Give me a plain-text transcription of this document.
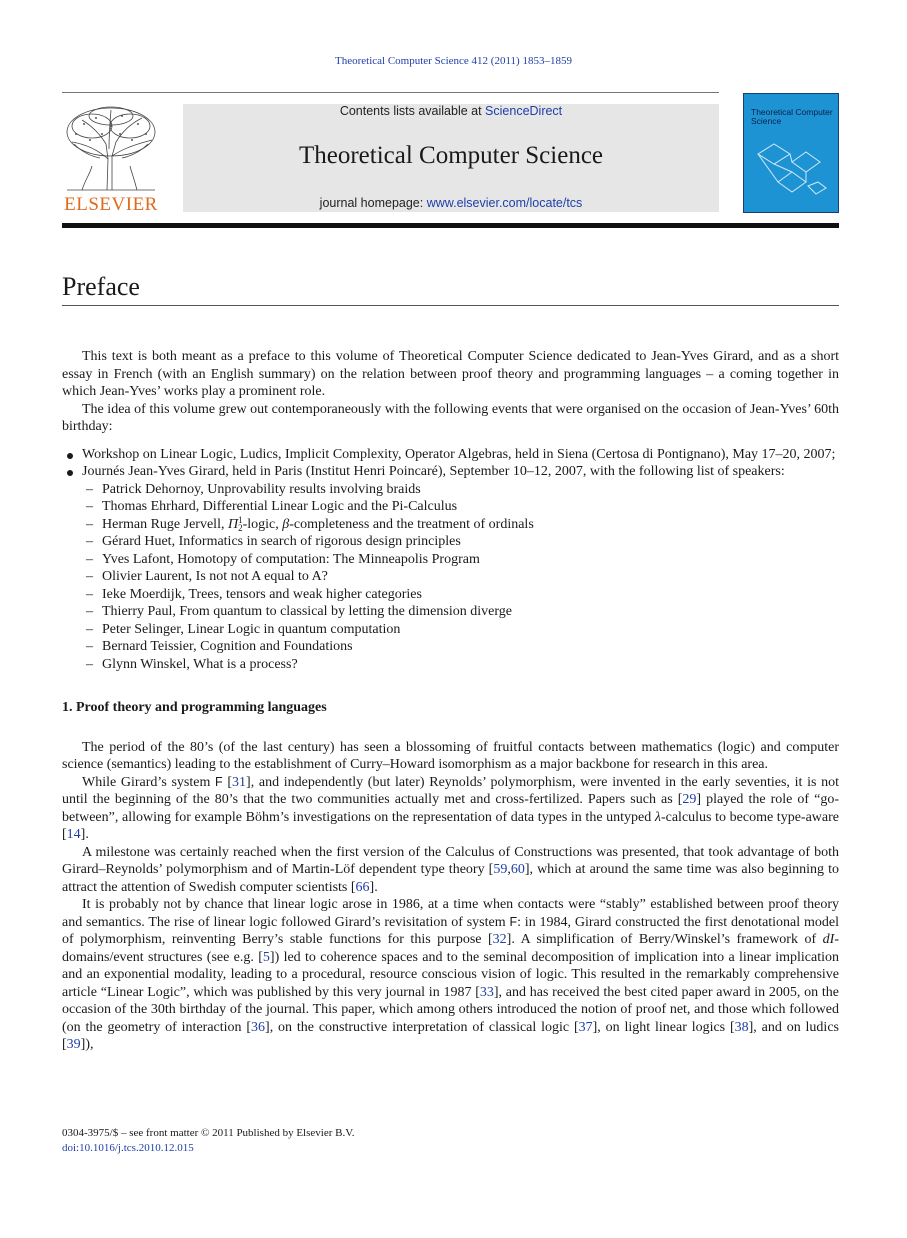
Theoretical Computer Science 412 (2011) 1853–1859
ELSEVIER
Contents lists available at ScienceDirect
Theoretical Computer Science
journal homepage: www.elsevier.com/locate/tcs

Theoretical Computer Science
Preface

This text is both meant as a preface to this volume of Theoretical Computer Science dedicated to Jean-Yves Girard, and as a short essay in French (with an English summary) on the relation between proof theory and programming languages – a coming together in which Jean-Yves’ works play a prominent role.

The idea of this volume grew out contemporaneously with the following events that were organised on the occasion of Jean-Yves’ 60th birthday:

Workshop on Linear Logic, Ludics, Implicit Complexity, Operator Algebras, held in Siena (Certosa di Pontignano), May 17–20, 2007;
Journés Jean-Yves Girard, held in Paris (Institut Henri Poincaré), September 10–12, 2007, with the following list of speakers:
– Patrick Dehornoy, Unprovability results involving braids
– Thomas Ehrhard, Differential Linear Logic and the Pi-Calculus
– Herman Ruge Jervell, Π 1
2 -logic, β-completeness and the treatment of ordinals
– Gérard Huet, Informatics in search of rigorous design principles
– Yves Lafont, Homotopy of computation: The Minneapolis Program
– Olivier Laurent, Is not not A equal to A?
– Ieke Moerdijk, Trees, tensors and weak higher categories
– Thierry Paul, From quantum to classical by letting the dimension diverge
– Peter Selinger, Linear Logic in quantum computation
– Bernard Teissier, Cognition and Foundations
– Glynn Winskel, What is a process?
1. Proof theory and programming languages

The period of the 80’s (of the last century) has seen a blossoming of fruitful contacts between mathematics (logic) and computer science (semantics) leading to the establishment of Curry–Howard isomorphism as a major backbone for research in this area.

While Girard’s system F [31], and independently (but later) Reynolds’ polymorphism, were invented in the early seventies, it is not until the beginning of the 80’s that the two communities actually met and cross-fertilized. Papers such as [29] played the role of “go-between”, allowing for example Böhm’s investigations on the representation of data types in the untyped λ-calculus to become type-aware [14].

A milestone was certainly reached when the first version of the Calculus of Constructions was presented, that took advantage of both Girard–Reynolds’ polymorphism and of Martin-Löf dependent type theory [59,60], which at around the same time was also beginning to attract the attention of Swedish computer scientists [66].

It is probably not by chance that linear logic arose in 1986, at a time when contacts were “stably” established between proof theory and semantics. The rise of linear logic followed Girard’s revisitation of system F: in 1984, Girard constructed the first denotational model of polymorphism, reinventing Berry’s stable functions for this purpose [32]. A simplification of Berry/Winskel’s framework of dI-domains/event structures (see e.g. [5]) led to coherence spaces and to the seminal decomposition of implication into a linear implication and an exponential modality, leading to a procedural, resource conscious vision of logic. This resulted in the remarkably comprehensive article “Linear Logic”, which was published by this very journal in 1987 [33], and has received the best cited paper award in 2005, on the occasion of the 30th birthday of the journal. This paper, which among others introduced the notion of proof net, and those which followed (on the geometry of interaction [36], on the constructive interpretation of classical logic [37], on light linear logics [38], and on ludics [39]),

0304-3975/$ – see front matter © 2011 Published by Elsevier B.V.
doi:10.1016/j.tcs.2010.12.015
